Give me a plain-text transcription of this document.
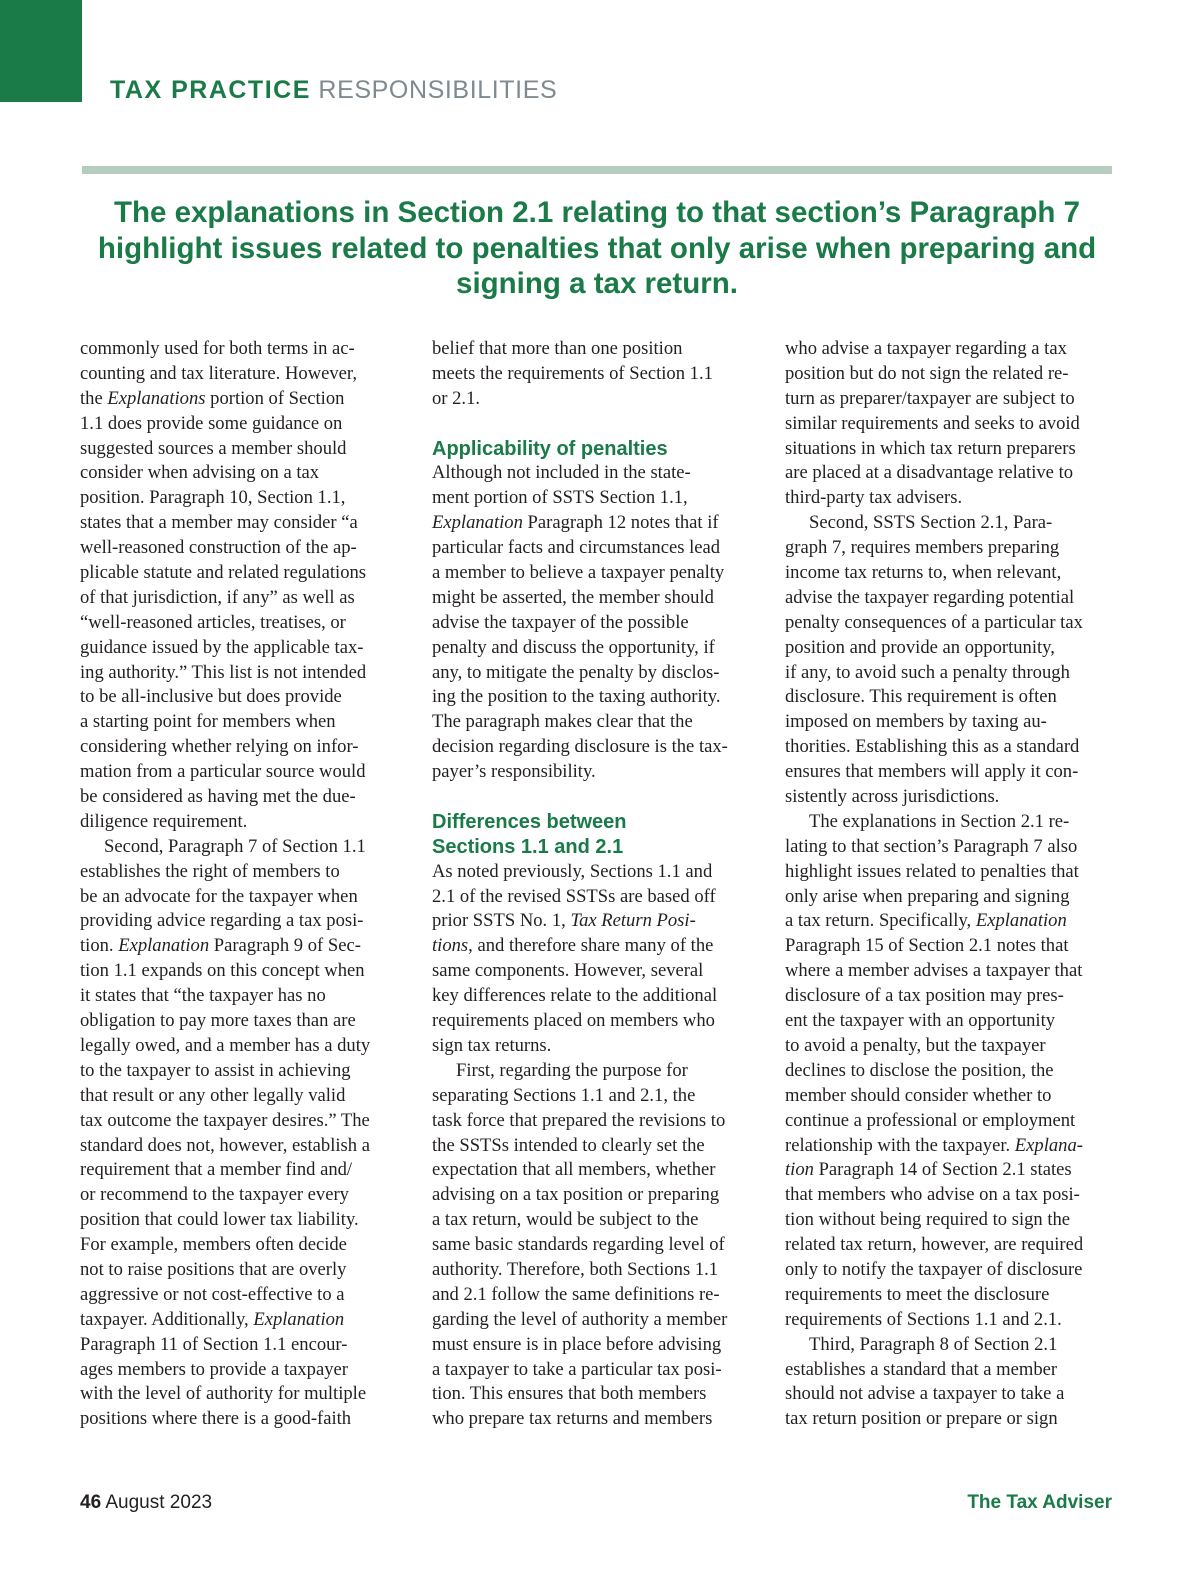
TAX PRACTICE RESPONSIBILITIES

The explanations in Section 2.1 relating to that section’s Paragraph 7
highlight issues related to penalties that only arise when preparing and
signing a tax return.

commonly used for both terms in ac-
counting and tax literature. However,
the Explanations portion of Section
1.1 does provide some guidance on
suggested sources a member should
consider when advising on a tax
position. Paragraph 10, Section 1.1,
states that a member may consider “a
well-reasoned construction of the ap-
plicable statute and related regulations
of that jurisdiction, if any” as well as
“well-reasoned articles, treatises, or
guidance issued by the applicable tax-
ing authority.” This list is not intended
to be all-inclusive but does provide
a starting point for members when
considering whether relying on infor-
mation from a particular source would
be considered as having met the due-
diligence requirement.
Second, Paragraph 7 of Section 1.1
establishes the right of members to
be an advocate for the taxpayer when
providing advice regarding a tax posi-
tion. Explanation Paragraph 9 of Sec-
tion 1.1 expands on this concept when
it states that “the taxpayer has no
obligation to pay more taxes than are
legally owed, and a member has a duty
to the taxpayer to assist in achieving
that result or any other legally valid
tax outcome the taxpayer desires.” The
standard does not, however, establish a
requirement that a member find and/
or recommend to the taxpayer every
position that could lower tax liability.
For example, members often decide
not to raise positions that are overly
aggressive or not cost-effective to a
taxpayer. Additionally, Explanation
Paragraph 11 of Section 1.1 encour-
ages members to provide a taxpayer
with the level of authority for multiple
positions where there is a good-faith
belief that more than one position
meets the requirements of Section 1.1
or 2.1.
Applicability of penalties
Although not included in the state-
ment portion of SSTS Section 1.1,
Explanation Paragraph 12 notes that if
particular facts and circumstances lead
a member to believe a taxpayer penalty
might be asserted, the member should
advise the taxpayer of the possible
penalty and discuss the opportunity, if
any, to mitigate the penalty by disclos-
ing the position to the taxing authority.
The paragraph makes clear that the
decision regarding disclosure is the tax-
payer’s responsibility.
Differences between
Sections 1.1 and 2.1
As noted previously, Sections 1.1 and
2.1 of the revised SSTSs are based off
prior SSTS No. 1, Tax Return Posi-
tions, and therefore share many of the
same components. However, several
key differences relate to the additional
requirements placed on members who
sign tax returns.
First, regarding the purpose for
separating Sections 1.1 and 2.1, the
task force that prepared the revisions to
the SSTSs intended to clearly set the
expectation that all members, whether
advising on a tax position or preparing
a tax return, would be subject to the
same basic standards regarding level of
authority. Therefore, both Sections 1.1
and 2.1 follow the same definitions re-
garding the level of authority a member
must ensure is in place before advising
a taxpayer to take a particular tax posi-
tion. This ensures that both members
who prepare tax returns and members
who advise a taxpayer regarding a tax
position but do not sign the related re-
turn as preparer/taxpayer are subject to
similar requirements and seeks to avoid
situations in which tax return preparers
are placed at a disadvantage relative to
third-party tax advisers.
Second, SSTS Section 2.1, Para-
graph 7, requires members preparing
income tax returns to, when relevant,
advise the taxpayer regarding potential
penalty consequences of a particular tax
position and provide an opportunity,
if any, to avoid such a penalty through
disclosure. This requirement is often
imposed on members by taxing au-
thorities. Establishing this as a standard
ensures that members will apply it con-
sistently across jurisdictions.
The explanations in Section 2.1 re-
lating to that section’s Paragraph 7 also
highlight issues related to penalties that
only arise when preparing and signing
a tax return. Specifically, Explanation
Paragraph 15 of Section 2.1 notes that
where a member advises a taxpayer that
disclosure of a tax position may pres-
ent the taxpayer with an opportunity
to avoid a penalty, but the taxpayer
declines to disclose the position, the
member should consider whether to
continue a professional or employment
relationship with the taxpayer. Explana-
tion Paragraph 14 of Section 2.1 states
that members who advise on a tax posi-
tion without being required to sign the
related tax return, however, are required
only to notify the taxpayer of disclosure
requirements to meet the disclosure
requirements of Sections 1.1 and 2.1.
Third, Paragraph 8 of Section 2.1
establishes a standard that a member
should not advise a taxpayer to take a
tax return position or prepare or sign
46 August 2023	The Tax Adviser
